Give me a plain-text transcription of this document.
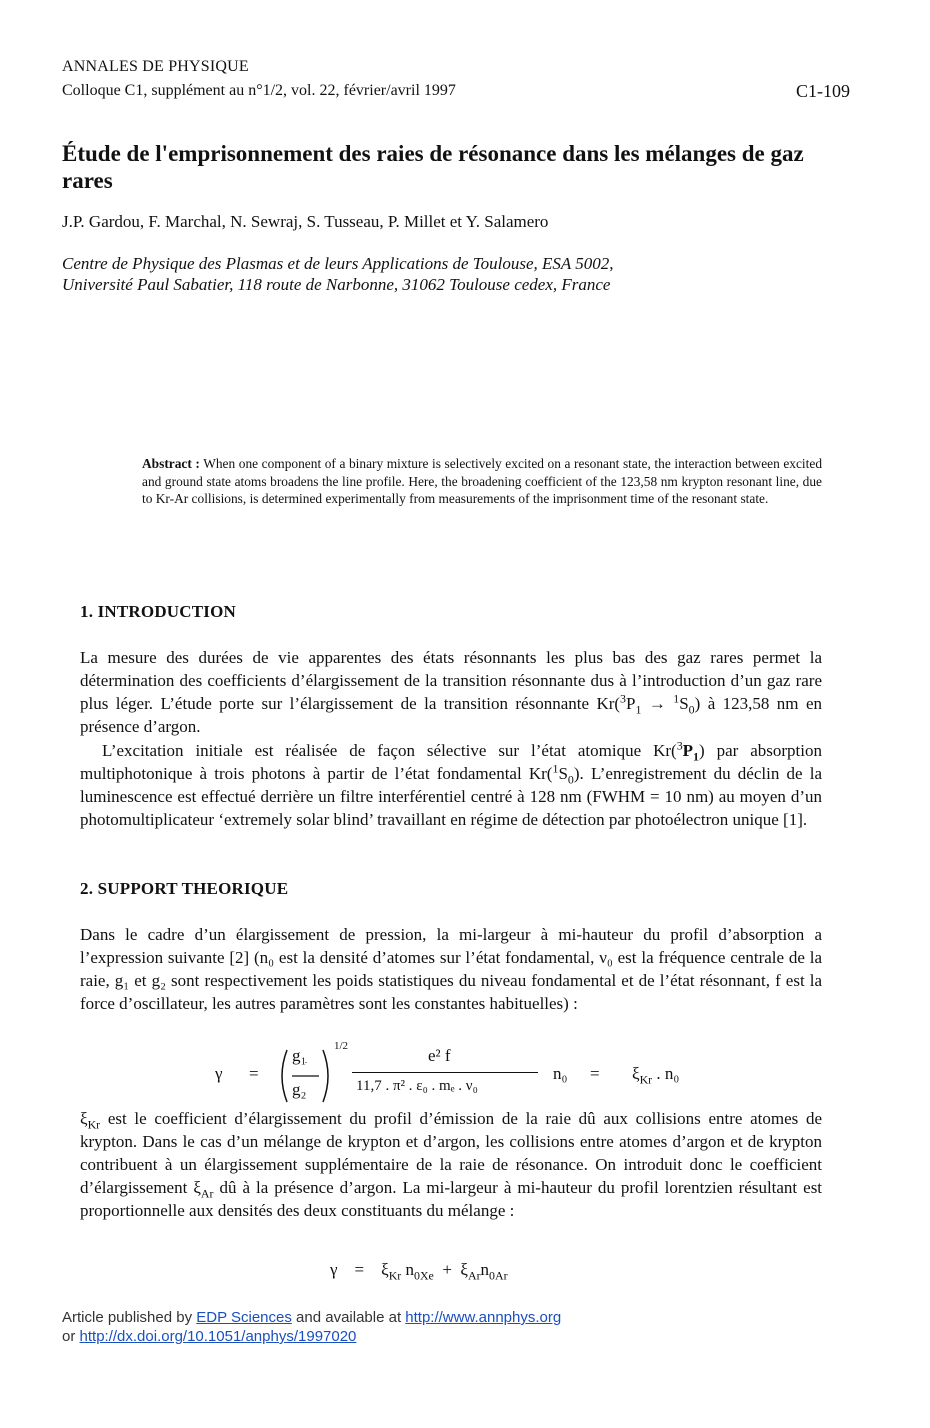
ANNALES DE PHYSIQUE
Colloque C1, supplément au n°1/2, vol. 22, février/avril 1997	C1-109
Étude de l'emprisonnement des raies de résonance dans les mélanges de gaz rares
J.P. Gardou, F. Marchal, N. Sewraj, S. Tusseau, P. Millet et Y. Salamero
Centre de Physique des Plasmas et de leurs Applications de Toulouse, ESA 5002,
Université Paul Sabatier, 118 route de Narbonne, 31062 Toulouse cedex, France
Abstract : When one component of a binary mixture is selectively excited on a resonant state, the interaction between excited and ground state atoms broadens the line profile. Here, the broadening coefficient of the 123,58 nm krypton resonant line, due to Kr-Ar collisions, is determined experimentally from measurements of the imprisonment time of the resonant state.
1. INTRODUCTION
La mesure des durées de vie apparentes des états résonnants les plus bas des gaz rares permet la détermination des coefficients d’élargissement de la transition résonnante dus à l’introduction d’un gaz rare plus léger. L’étude porte sur l’élargissement de la transition résonnante $Kr(^3P_1 \to ^1S_0)$ à 123,58 nm en présence d’argon.
L’excitation initiale est réalisée de façon sélective sur l’état atomique $Kr(^3P_1)$ par absorption multiphotonique à trois photons à partir de l’état fondamental $Kr(^1S_0)$. L’enregistrement du déclin de la luminescence est effectué derrière un filtre interférentiel centré à 128 nm (FWHM = 10 nm) au moyen d’un photomultiplicateur ‘extremely solar blind’ travaillant en régime de détection par photoélectron unique [1].
2. SUPPORT THEORIQUE
Dans le cadre d’un élargissement de pression, la mi-largeur à mi-hauteur du profil d’absorption a l’expression suivante [2] (n₀ est la densité d’atomes sur l’état fondamental, ν₀ est la fréquence centrale de la raie, g₁ et g₂ sont respectivement les poids statistiques du niveau fondamental et de l’état résonnant, f est la force d’oscillateur, les autres paramètres sont les constantes habituelles) :
γ =
g₁
g₂
1/2	e² f
11,7 . π² . ε₀ . mₑ . ν₀
$n_0 = \xi_{Kr}$ . n₀
$\xi_{Kr}$ est le coefficient d’élargissement du profil d’émission de la raie dû aux collisions entre atomes de krypton. Dans le cas d’un mélange de krypton et d’argon, les collisions entre atomes d’argon et de krypton contribuent à un élargissement supplémentaire de la raie de résonance. On introduit donc le coefficient d’élargissement $\xi_{Ar}$ dû à la présence d’argon. La mi-largeur à mi-hauteur du profil lorentzien résultant est proportionnelle aux densités des deux constituants du mélange :
$\gamma = \xi_{Kr}$ $n_{0Xe} + \xi_{Ar}n_{0Ar}$
Article published by EDP Sciences and available at http://www.annphys.org
or http://dx.doi.org/10.1051/anphys/1997020
